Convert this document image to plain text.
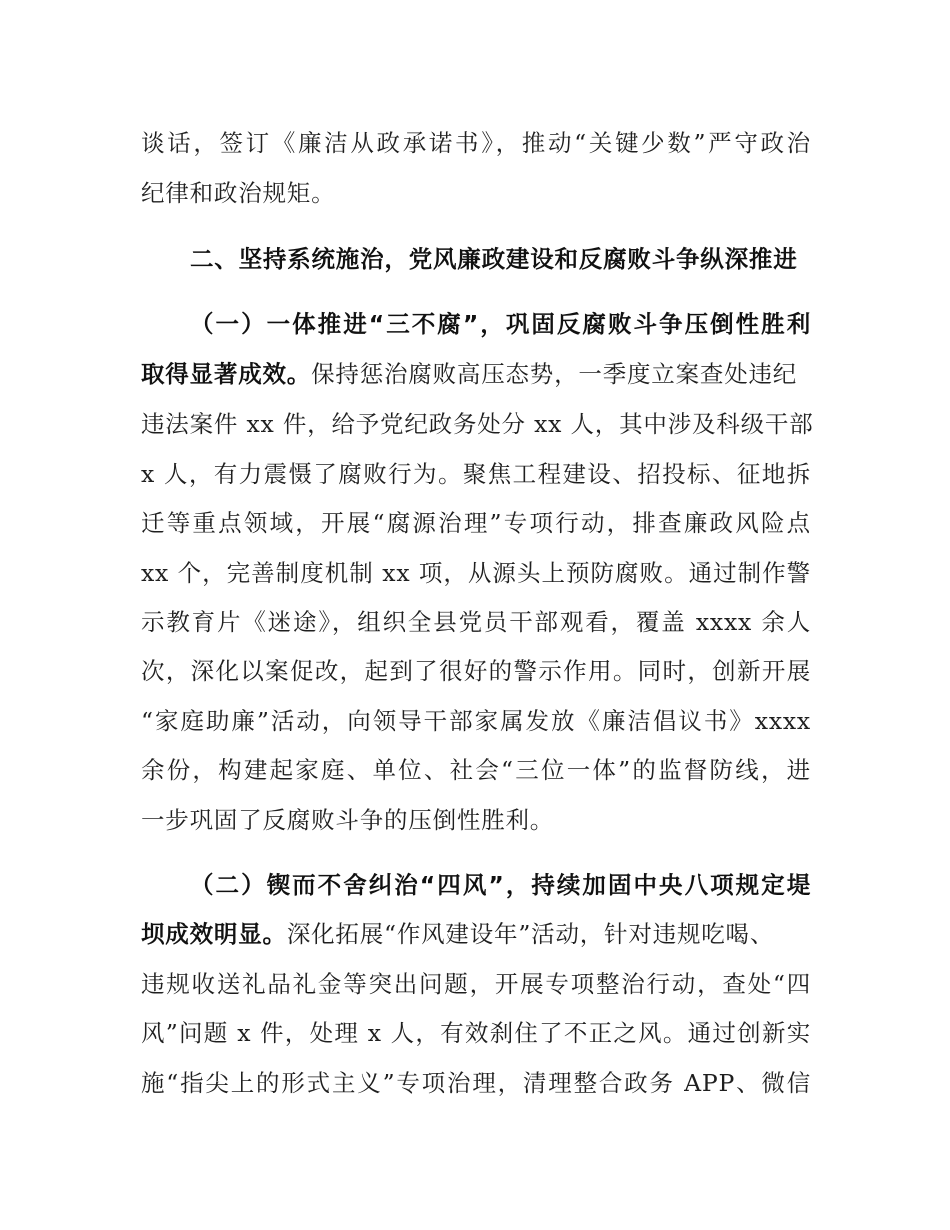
谈话，签订《廉洁从政承诺书》，推动“关键少数”严守政治
纪律和政治规矩。
二、坚持系统施治，党风廉政建设和反腐败斗争纵深推进
（一）一体推进“三不腐”，巩固反腐败斗争压倒性胜利
取得显著成效。保持惩治腐败高压态势，一季度立案查处违纪
违法案件 xx 件，给予党纪政务处分 xx 人，其中涉及科级干部
x 人，有力震慑了腐败行为。聚焦工程建设、招投标、征地拆
迁等重点领域，开展“腐源治理”专项行动，排查廉政风险点
xx 个，完善制度机制 xx 项，从源头上预防腐败。通过制作警
示教育片《迷途》，组织全县党员干部观看，覆盖 xxxx 余人
次，深化以案促改，起到了很好的警示作用。同时，创新开展
“家庭助廉”活动，向领导干部家属发放《廉洁倡议书》xxxx
余份，构建起家庭、单位、社会“三位一体”的监督防线，进
一步巩固了反腐败斗争的压倒性胜利。
（二）锲而不舍纠治“四风”，持续加固中央八项规定堤
坝成效明显。深化拓展“作风建设年”活动，针对违规吃喝、
违规收送礼品礼金等突出问题，开展专项整治行动，查处“四
风”问题 x 件，处理 x 人，有效刹住了不正之风。通过创新实
施“指尖上的形式主义”专项治理，清理整合政务 APP、微信
